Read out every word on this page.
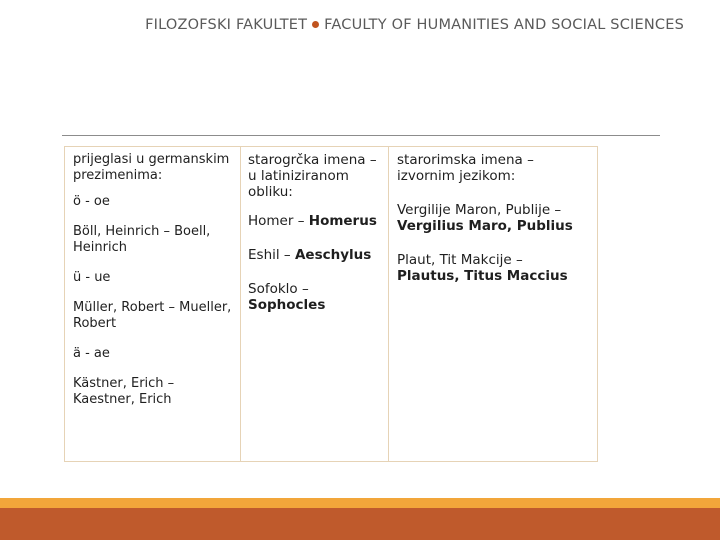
FILOZOFSKI FAKULTET FACULTY OF HUMANITIES AND SOCIAL SCIENCES

prijeglasi u germanskim prezimenima:

ö - oe

Böll, Heinrich – Boell, Heinrich

ü - ue

Müller, Robert – Mueller, Robert

ä - ae

Kästner, Erich – Kaestner, Erich

starogrčka imena – u latiniziranom obliku:

Homer – Homerus

Eshil – Aeschylus

Sofoklo – Sophocles

starorimska imena – izvornim jezikom:

Vergilije Maron, Publije –
Vergilius Maro, Publius

Plaut, Tit Makcije –
Plautus, Titus Maccius
